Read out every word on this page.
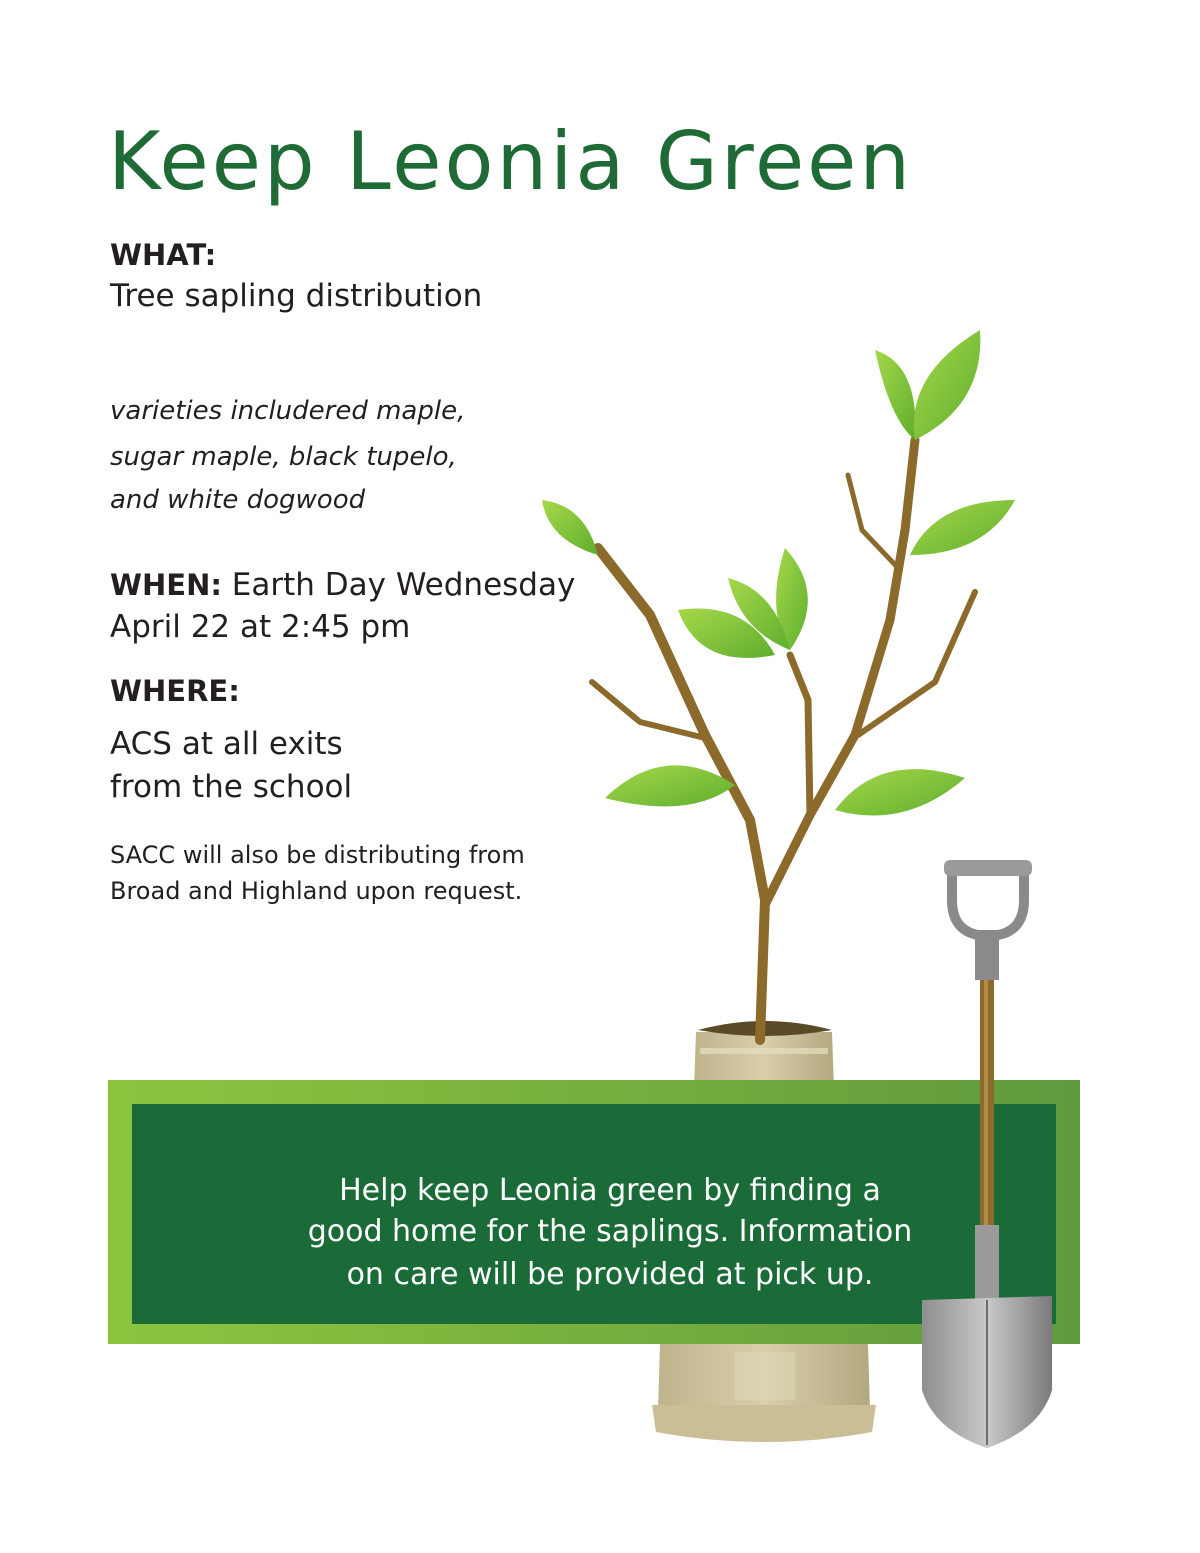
Keep Leonia Green
WHAT:
Tree sapling distribution
varieties includered maple,
sugar maple, black tupelo,
and white dogwood
WHEN: Earth Day Wednesday
April 22 at 2:45 pm
WHERE:
ACS at all exits
from the school
SACC will also be distributing from
Broad and Highland upon request.
Help keep Leonia green by finding a
good home for the saplings. Information
on care will be provided at pick up.
